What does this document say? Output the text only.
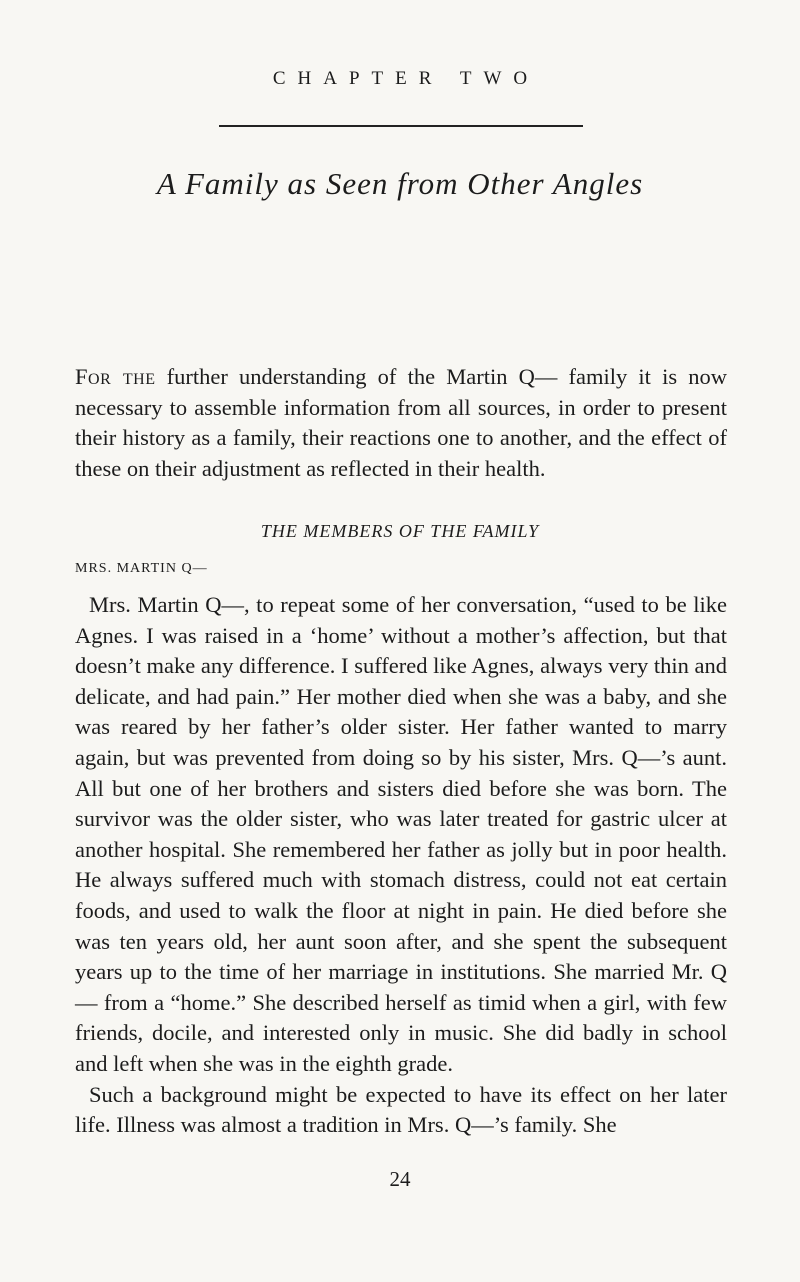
CHAPTER TWO
A Family as Seen from Other Angles

For the further understanding of the Martin Q— family it is now necessary to assemble information from all sources, in order to present their history as a family, their reactions one to another, and the effect of these on their adjustment as reflected in their health.

THE MEMBERS OF THE FAMILY
MRS. MARTIN Q—

Mrs. Martin Q—, to repeat some of her conversation, “used to be like Agnes. I was raised in a ‘home’ without a mother’s affection, but that doesn’t make any difference. I suffered like Agnes, always very thin and delicate, and had pain.” Her mother died when she was a baby, and she was reared by her father’s older sister. Her father wanted to marry again, but was prevented from doing so by his sister, Mrs. Q—’s aunt. All but one of her brothers and sisters died before she was born. The survivor was the older sister, who was later treated for gastric ulcer at another hospital. She remembered her father as jolly but in poor health. He always suffered much with stomach distress, could not eat certain foods, and used to walk the floor at night in pain. He died before she was ten years old, her aunt soon after, and she spent the subsequent years up to the time of her marriage in institutions. She married Mr. Q— from a “home.” She described herself as timid when a girl, with few friends, docile, and interested only in music. She did badly in school and left when she was in the eighth grade.

Such a background might be expected to have its effect on her later life. Illness was almost a tradition in Mrs. Q—’s family. She

24
